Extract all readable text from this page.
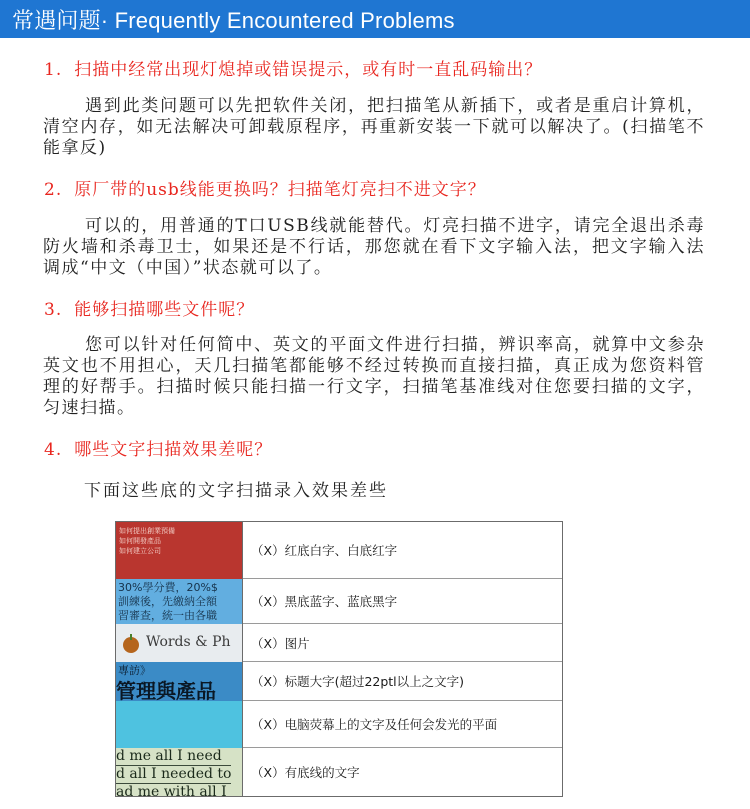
常遇问题· Frequently Encountered Problems
1. 扫描中经常出现灯熄掉或错误提示，或有时一直乱码输出？
遇到此类问题可以先把软件关闭，把扫描笔从新插下，或者是重启计算机，清空内存，如无法解决可卸载原程序，再重新安装一下就可以解决了。(扫描笔不能拿反)
2. 原厂带的usb线能更换吗？扫描笔灯亮扫不进文字？
可以的，用普通的T口USB线就能替代。灯亮扫描不进字，请完全退出杀毒防火墙和杀毒卫士，如果还是不行话，那您就在看下文字输入法，把文字输入法调成“中文（中国）”状态就可以了。
3. 能够扫描哪些文件呢？
您可以针对任何简中、英文的平面文件进行扫描，辨识率高，就算中文参杂英文也不用担心，天几扫描笔都能够不经过转换而直接扫描，真正成为您资料管理的好帮手。扫描时候只能扫描一行文字，扫描笔基准线对住您要扫描的文字，匀速扫描。
4. 哪些文字扫描效果差呢？
下面这些底的文字扫描录入效果差些
如何提出創業預備
如何開發產品
如何建立公司
30%學分費，20%$
訓練後，先繳納全額
習審查，統一由各職
Words & Ph
專訪》
管理與產品
d me all I need
d all I needed to
ad me with all I
（X）红底白字、白底红字
（X）黑底蓝字、蓝底黑字
（X）图片
（X）标题大字(超过22ptl以上之文字)
（X）电脑荧幕上的文字及任何会发光的平面
（X）有底线的文字
